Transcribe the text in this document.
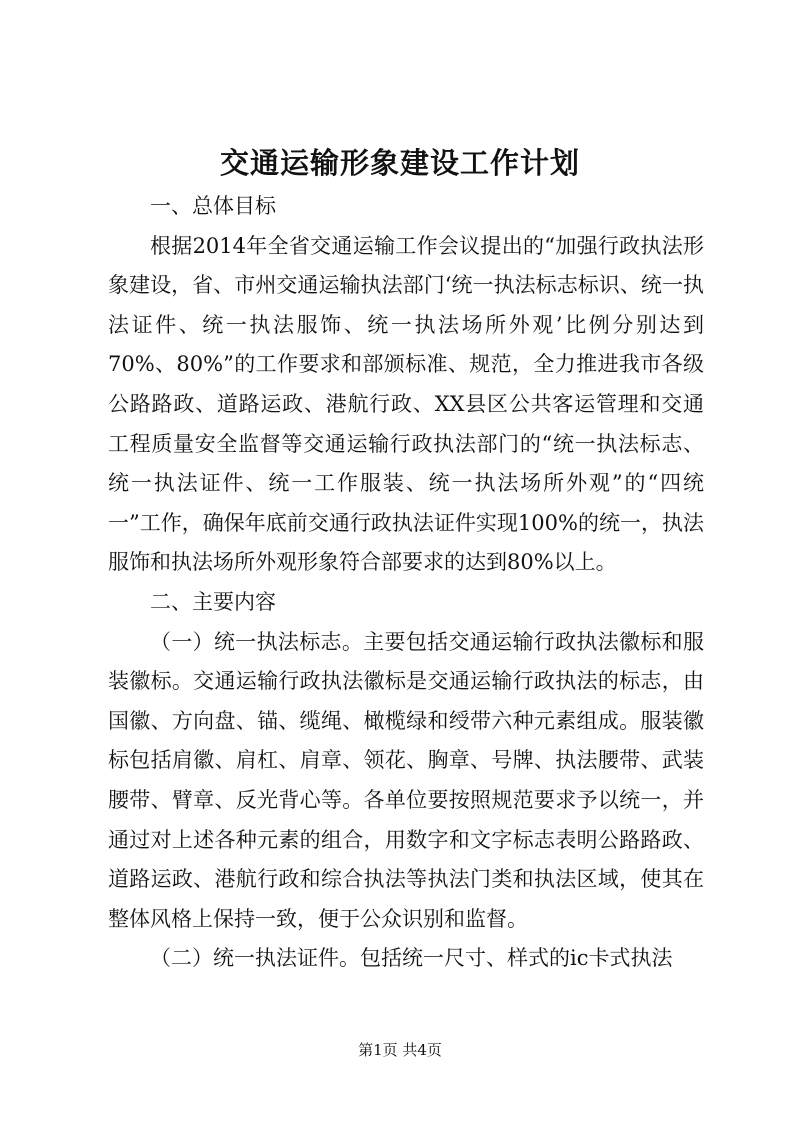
交通运输形象建设工作计划

一、总体目标

根据2014年全省交通运输工作会议提出的“加强行政执法形象建设，省、市州交通运输执法部门‘统一执法标志标识、统一执法证件、统一执法服饰、统一执法场所外观’比例分别达到70%、80%”的工作要求和部颁标准、规范，全力推进我市各级公路路政、道路运政、港航行政、XX县区公共客运管理和交通工程质量安全监督等交通运输行政执法部门的“统一执法标志、统一执法证件、统一工作服装、统一执法场所外观”的“四统一”工作，确保年底前交通行政执法证件实现100%的统一，执法服饰和执法场所外观形象符合部要求的达到80%以上。

二、主要内容

（一）统一执法标志。主要包括交通运输行政执法徽标和服装徽标。交通运输行政执法徽标是交通运输行政执法的标志，由国徽、方向盘、锚、缆绳、橄榄绿和绶带六种元素组成。服装徽标包括肩徽、肩杠、肩章、领花、胸章、号牌、执法腰带、武装腰带、臂章、反光背心等。各单位要按照规范要求予以统一，并通过对上述各种元素的组合，用数字和文字标志表明公路路政、道路运政、港航行政和综合执法等执法门类和执法区域，使其在整体风格上保持一致，便于公众识别和监督。

（二）统一执法证件。包括统一尺寸、样式的ic卡式执法

第1页 共4页
